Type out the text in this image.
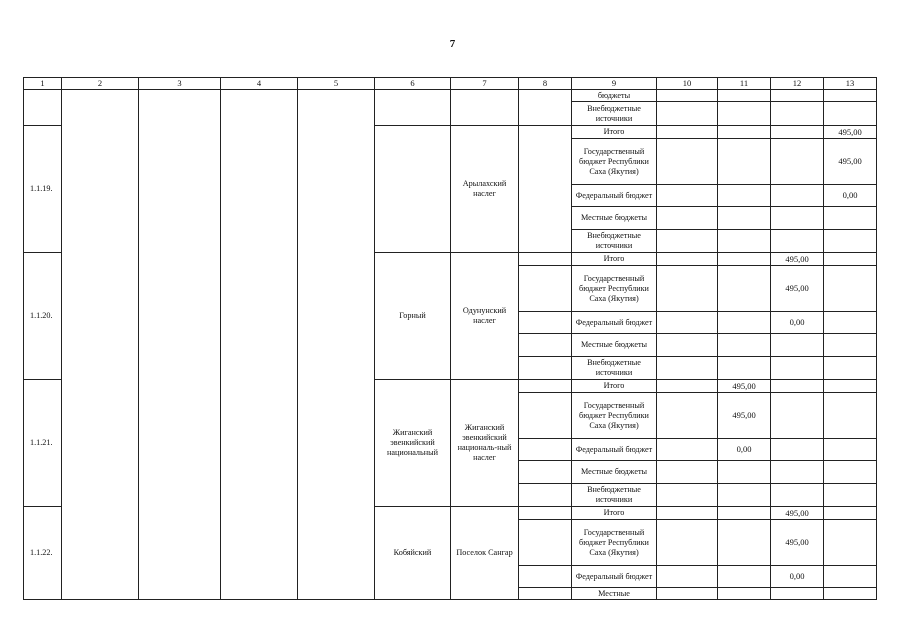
7
1	2	3	4	5	6	7	8	9	10	11	12	13
								бюджеты				
								Внебюджетные источники				
1.1.19.						Арылахский наслег		Итого				495,00
								Государственный бюджет Республики Саха (Якутия)				495,00
								Федеральный бюджет				0,00
								Местные бюджеты				
								Внебюджетные источники				
1.1.20.					Горный	Одунунский наслег		Итого			495,00	
								Государственный бюджет Республики Саха (Якутия)			495,00	
								Федеральный бюджет			0,00	
								Местные бюджеты				
								Внебюджетные источники				
1.1.21.					Жиганский эвенкийский национальный	Жиганский эвенкийский националь-ный наслег		Итого		495,00		
								Государственный бюджет Республики Саха (Якутия)		495,00		
								Федеральный бюджет		0,00		
								Местные бюджеты				
								Внебюджетные источники				
1.1.22.					Кобяйский	Поселок Сангар		Итого			495,00	
								Государственный бюджет Республики Саха (Якутия)			495,00	
								Федеральный бюджет			0,00	
								Местные				
